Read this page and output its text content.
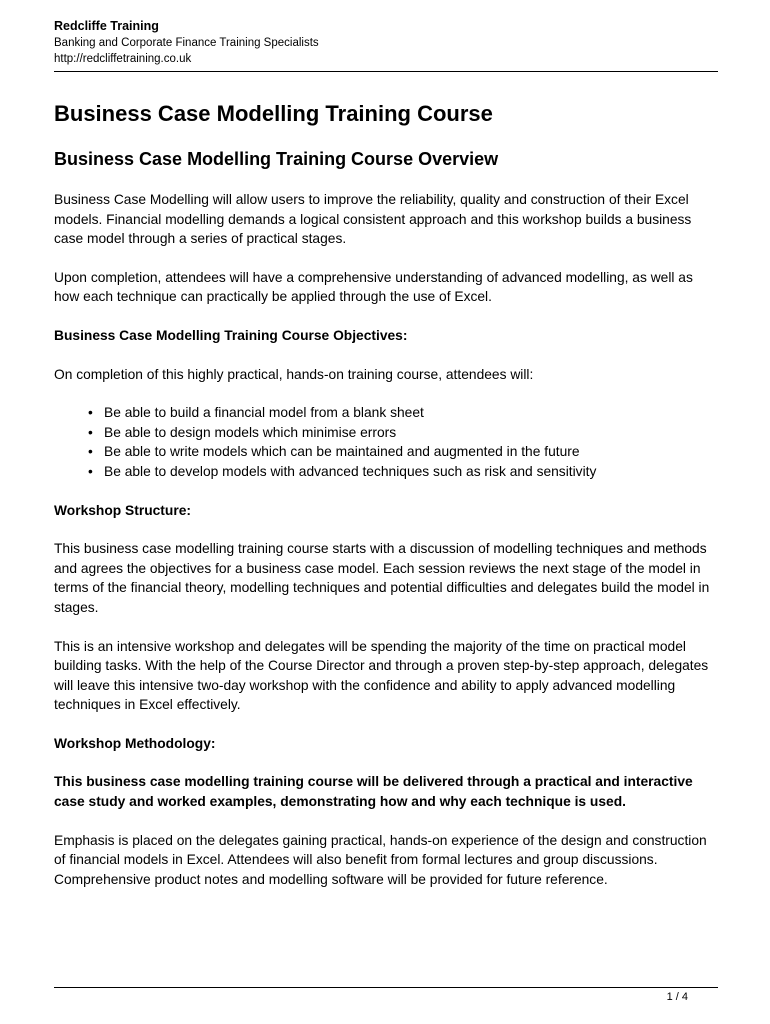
Redcliffe Training
Banking and Corporate Finance Training Specialists
http://redcliffetraining.co.uk
Business Case Modelling Training Course
Business Case Modelling Training Course Overview

Business Case Modelling will allow users to improve the reliability, quality and construction of their Excel models. Financial modelling demands a logical consistent approach and this workshop builds a business case model through a series of practical stages.

Upon completion, attendees will have a comprehensive understanding of advanced modelling, as well as how each technique can practically be applied through the use of Excel.

Business Case Modelling Training Course Objectives:

On completion of this highly practical, hands-on training course, attendees will:

• Be able to build a financial model from a blank sheet
• Be able to design models which minimise errors
• Be able to write models which can be maintained and augmented in the future
• Be able to develop models with advanced techniques such as risk and sensitivity

Workshop Structure:

This business case modelling training course starts with a discussion of modelling techniques and methods and agrees the objectives for a business case model. Each session reviews the next stage of the model in terms of the financial theory, modelling techniques and potential difficulties and delegates build the model in stages.

This is an intensive workshop and delegates will be spending the majority of the time on practical model building tasks. With the help of the Course Director and through a proven step-by-step approach, delegates will leave this intensive two-day workshop with the confidence and ability to apply advanced modelling techniques in Excel effectively.

Workshop Methodology:

This business case modelling training course will be delivered through a practical and interactive case study and worked examples, demonstrating how and why each technique is used.

Emphasis is placed on the delegates gaining practical, hands-on experience of the design and construction of financial models in Excel. Attendees will also benefit from formal lectures and group discussions. Comprehensive product notes and modelling software will be provided for future reference.

1 / 4
